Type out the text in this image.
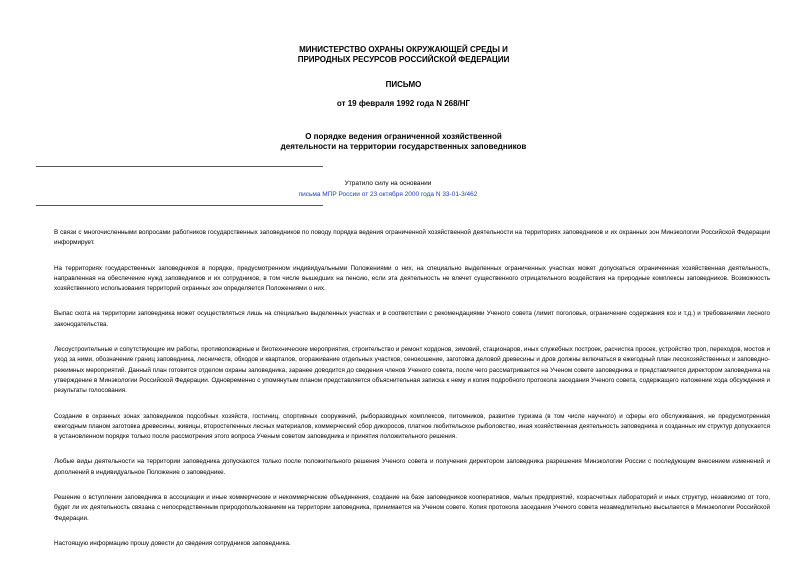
МИНИСТЕРСТВО ОХРАНЫ ОКРУЖАЮЩЕЙ СРЕДЫ И
ПРИРОДНЫХ РЕСУРСОВ РОССИЙСКОЙ ФЕДЕРАЦИИ
ПИСЬМО
от 19 февраля 1992 года N 268/НГ
О порядке ведения ограниченной хозяйственной
деятельности на территории государственных заповедников
Утратило силу на основании
письма МПР России от 23 октября 2000 года N 33-01-3/462

В связи с многочисленными вопросами работников государственных заповедников по поводу порядка ведения ограниченной хозяйственной деятельности на территориях заповедников и их охранных зон Минэкологии Российской Федерации информирует.

На территориях государственных заповедников в порядке, предусмотренном индивидуальными Положениями о них, на специально выделенных ограниченных участках может допускаться ограниченная хозяйственная деятельность, направленная на обеспечение нужд заповедников и их сотрудников, в том числе вышедших на пенсию, если эта деятельность не влечет существенного отрицательного воздействия на природные комплексы заповедников. Возможность хозяйственного использования территорий охранных зон определяется Положениями о них.

Выпас скота на территории заповедника может осуществляться лишь на специально выделенных участках и в соответствии с рекомендациями Ученого совета (лимит поголовья, ограничение содержания коз и т.д.) и требованиями лесного законодательства.

Лесоустроительные и сопутствующие им работы, противопожарные и биотехнические мероприятия, строительство и ремонт кордонов, зимовий, стационаров, иных служебных построек, расчистка просек, устройство троп, переходов, мостов и уход за ними, обозначение границ заповедника, лесничеств, обходов и кварталов, огораживание отдельных участков, сенокошение, заготовка деловой древесины и дров должны включаться в ежегодный план лесохозяйственных и заповедно-режимных мероприятий. Данный план готовится отделом охраны заповедника, заранее доводится до сведения членов Ученого совета, после чего рассматривается на Ученом совете заповедника и представляется директором заповедника на утверждение в Минэкологии Российской Федерации. Одновременно с упомянутым планом представляется объяснительная записка к нему и копия подробного протокола заседания Ученого совета, содержащего изложение хода обсуждения и результаты голосования.

Создание в охранных зонах заповедников подсобных хозяйств, гостиниц, спортивных сооружений, рыборазводных комплексов, питомников, развитие туризма (в том числе научного) и сферы его обслуживания, не предусмотренная ежегодным планом заготовка древесины, живицы, второстепенных лесных материалов, коммерческий сбор дикоросов, платное любительское рыболовство, иная хозяйственная деятельность заповедника и созданных им структур допускается в установленном порядке только после рассмотрения этого вопроса Ученым советом заповедника и принятия положительного решения.

Любые виды деятельности на территории заповедника допускаются только после положительного решения Ученого совета и получения директором заповедника разрешения Минэкологии России с последующим внесением изменений и дополнений в индивидуальное Положение о заповеднике.

Решение о вступлении заповедника в ассоциации и иные коммерческие и некоммерческие объединения, создание на базе заповедников кооперативов, малых предприятий, хозрасчетных лабораторий и иных структур, независимо от того, будет ли их деятельность связана с непосредственным природопользованием на территории заповедника, принимается на Ученом совете. Копия протокола заседания Ученого совета незамедлительно высылается в Минэкологии Российской Федерации.

Настоящую информацию прошу довести до сведения сотрудников заповедника.
